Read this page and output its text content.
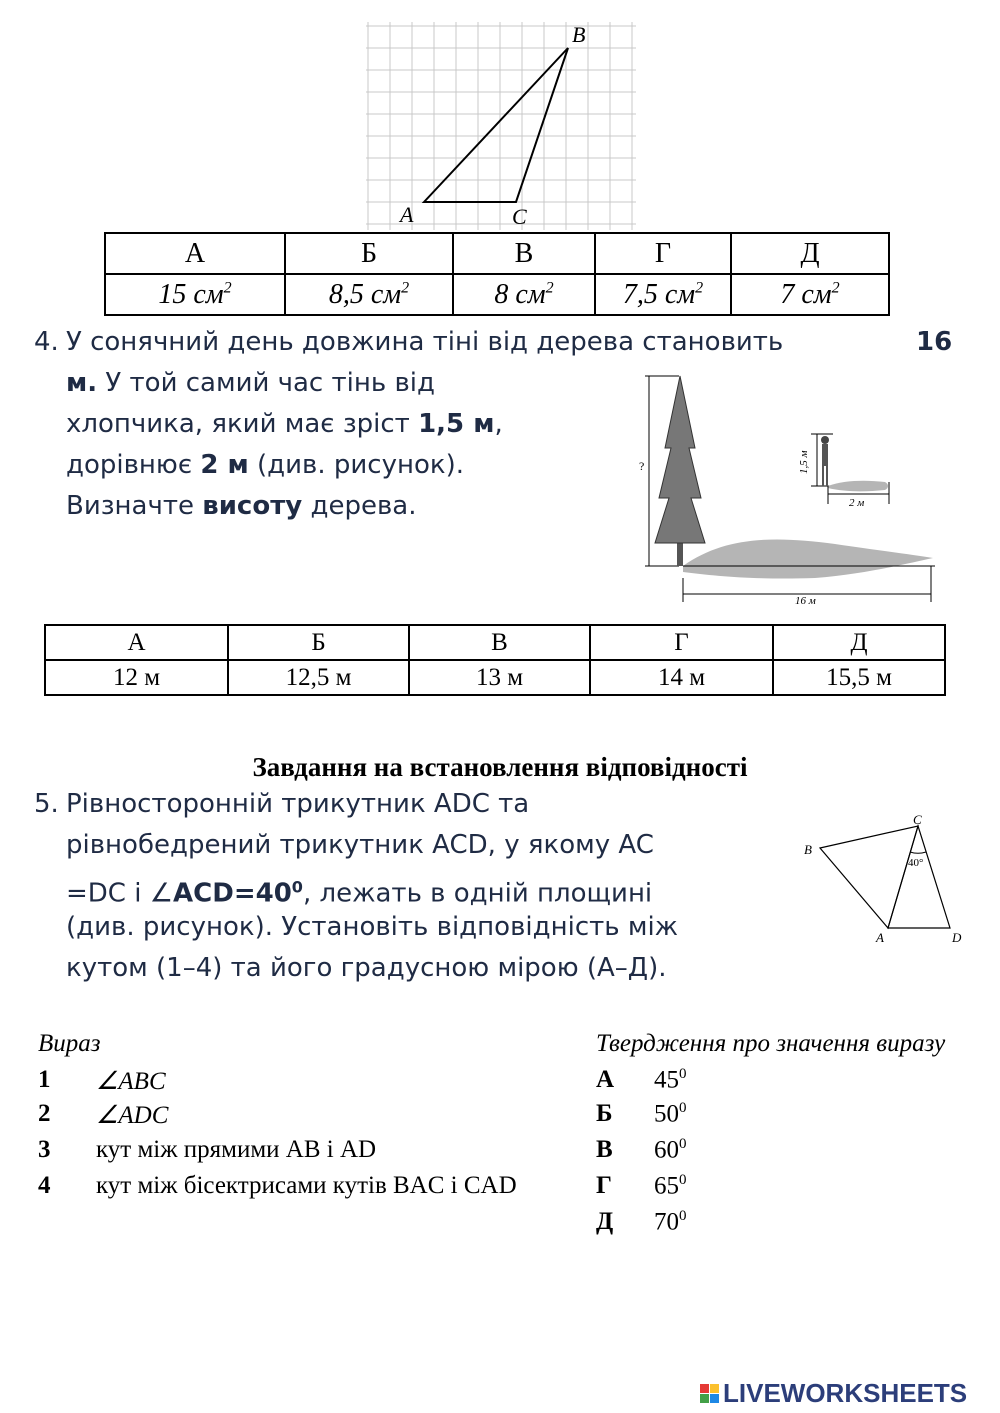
A
B
C
А	Б	В	Г	Д
15 $см^2$	8,5 $см^2$	8 $см^2$	7,5 $см^2$	7 $см^2$
4. У сонячний день довжина тіні від дерева становить	16
м. У той самий час тінь від
хлопчика, який має зріст 1,5 м,
дорівнює 2 м (див. рисунок).
Визначте висоту дерева.
?
16 м
1,5 м
2 м
А	Б	В	Г	Д
12 м	12,5 м	13 м	14 м	15,5 м
Завдання на встановлення відповідності
5. Рівносторонній трикутник ADC та
рівнобедрений трикутник ACD, у якому AC
=DC і $\angle ACD=40^0$, лежать в одній площині
(див. рисунок). Установіть відповідність між
кутом (1–4) та його градусною мірою (А–Д).
B
C
A	D
40°
Вираз	Твердження про значення виразу
1 ∠ABC
2 ∠ADC
3 кут між прямими AB і AD
4 кут між бісектрисами кутів BAC і CAD
А $45^0$
Б $50^0$
В $60^0$
Г $65^0$
Д $70^0$
LIVEWORKSHEETS
